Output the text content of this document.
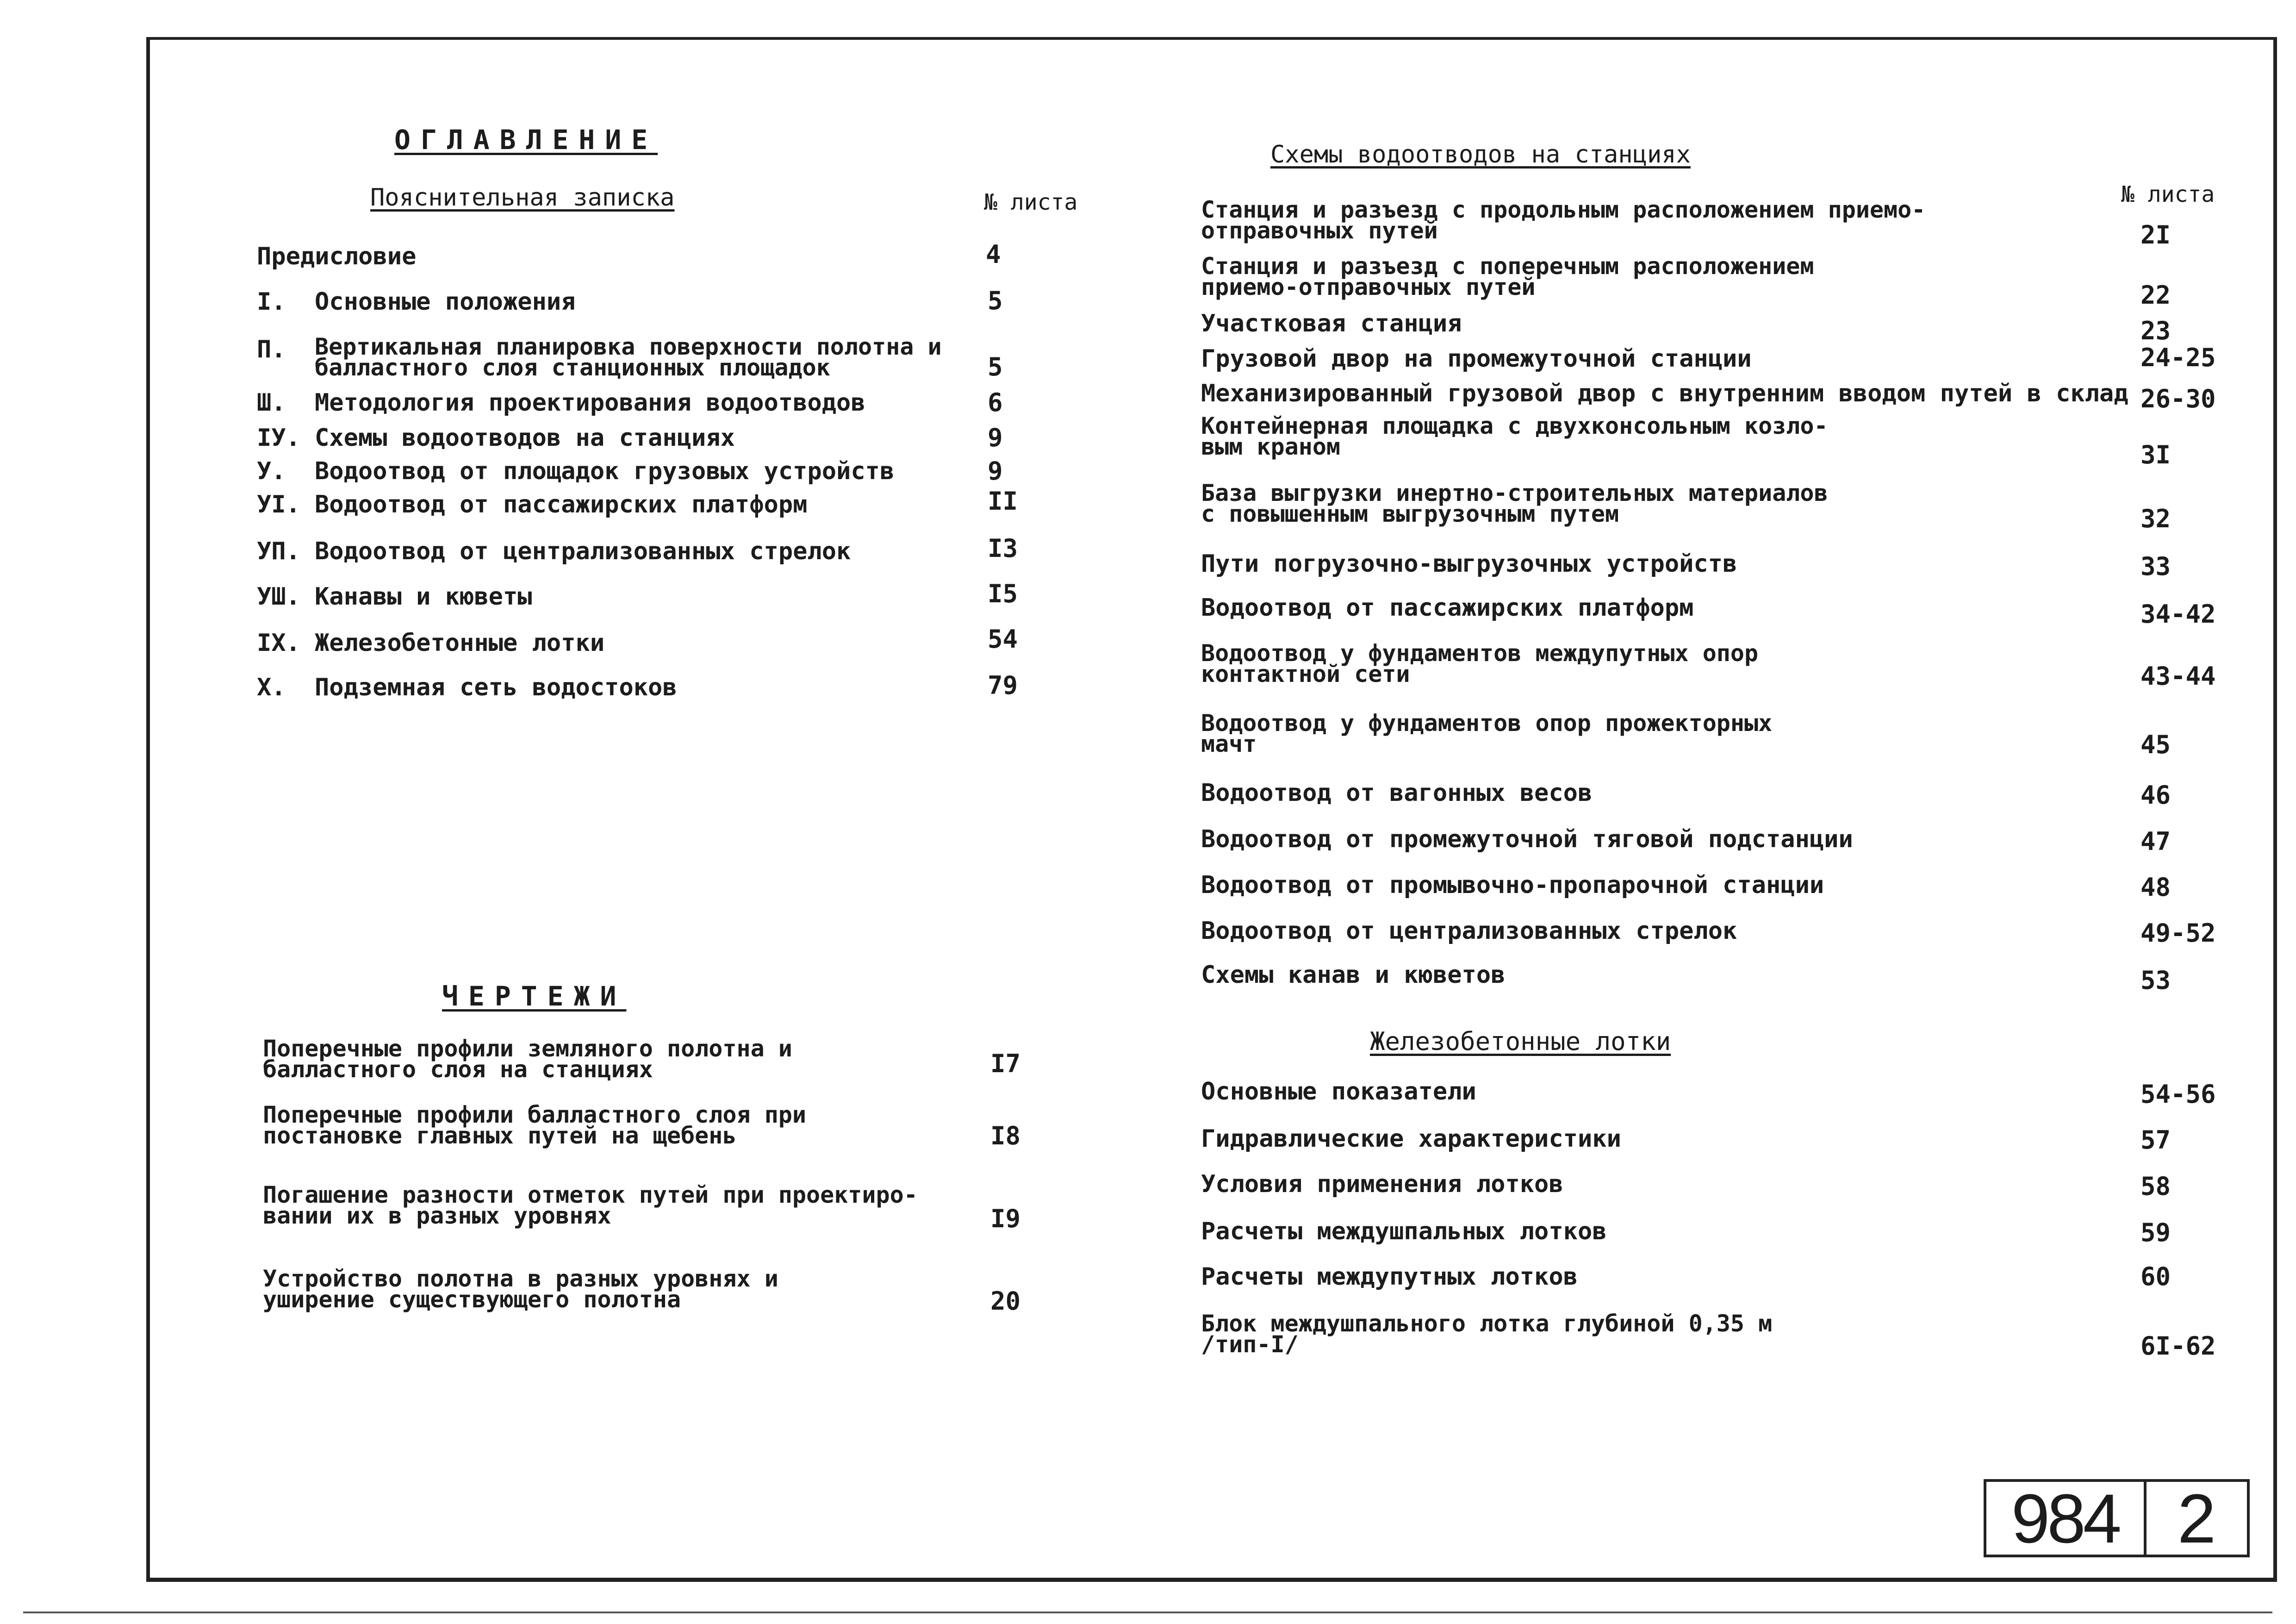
ОГЛАВЛЕНИЕ
Пояснительная записка	№ листа
Предисловие	4
I. Основные положения	5
П. Вертикальная планировка поверхности полотна и
балластного слоя станционных площадок	5
Ш. Методология проектирования водоотводов	6
IУ. Схемы водоотводов на станциях	9
У. Водоотвод от площадок грузовых устройств	9
УI. Водоотвод от пассажирских платформ	II
УП. Водоотвод от централизованных стрелок	I3
УШ. Канавы и кюветы	I5
IХ. Железобетонные лотки	54
Х. Подземная сеть водостоков	79
ЧЕРТЕЖИ
Поперечные профили земляного полотна и
балластного слоя на станциях	I7
Поперечные профили балластного слоя при
постановке главных путей на щебень	I8
Погашение разности отметок путей при проектиро-
вании их в разных уровнях	I9
Устройство полотна в разных уровнях и
уширение существующего полотна	20
Схемы водоотводов на станциях
№ листа
Станция и разъезд с продольным расположением приемо-
отправочных путей	2I
Станция и разъезд с поперечным расположением
приемо-отправочных путей	22
Участковая станция	23
Грузовой двор на промежуточной станции	24-25
Механизированный грузовой двор с внутренним вводом путей в склад 26-30
Контейнерная площадка с двухконсольным козло-
вым краном	3I
База выгрузки инертно-строительных материалов
с повышенным выгрузочным путем	32
Пути погрузочно-выгрузочных устройств	33
Водоотвод от пассажирских платформ	34-42
Водоотвод у фундаментов междупутных опор
контактной сети	43-44
Водоотвод у фундаментов опор прожекторных
мачт	45
Водоотвод от вагонных весов	46
Водоотвод от промежуточной тяговой подстанции	47
Водоотвод от промывочно-пропарочной станции	48
Водоотвод от централизованных стрелок	49-52
Схемы канав и кюветов	53
Железобетонные лотки
Основные показатели	54-56
Гидравлические характеристики	57
Условия применения лотков	58
Расчеты междушпальных лотков	59
Расчеты междупутных лотков	60
Блок междушпального лотка глубиной 0,35 м
/тип-I/	6I-62
984 2
